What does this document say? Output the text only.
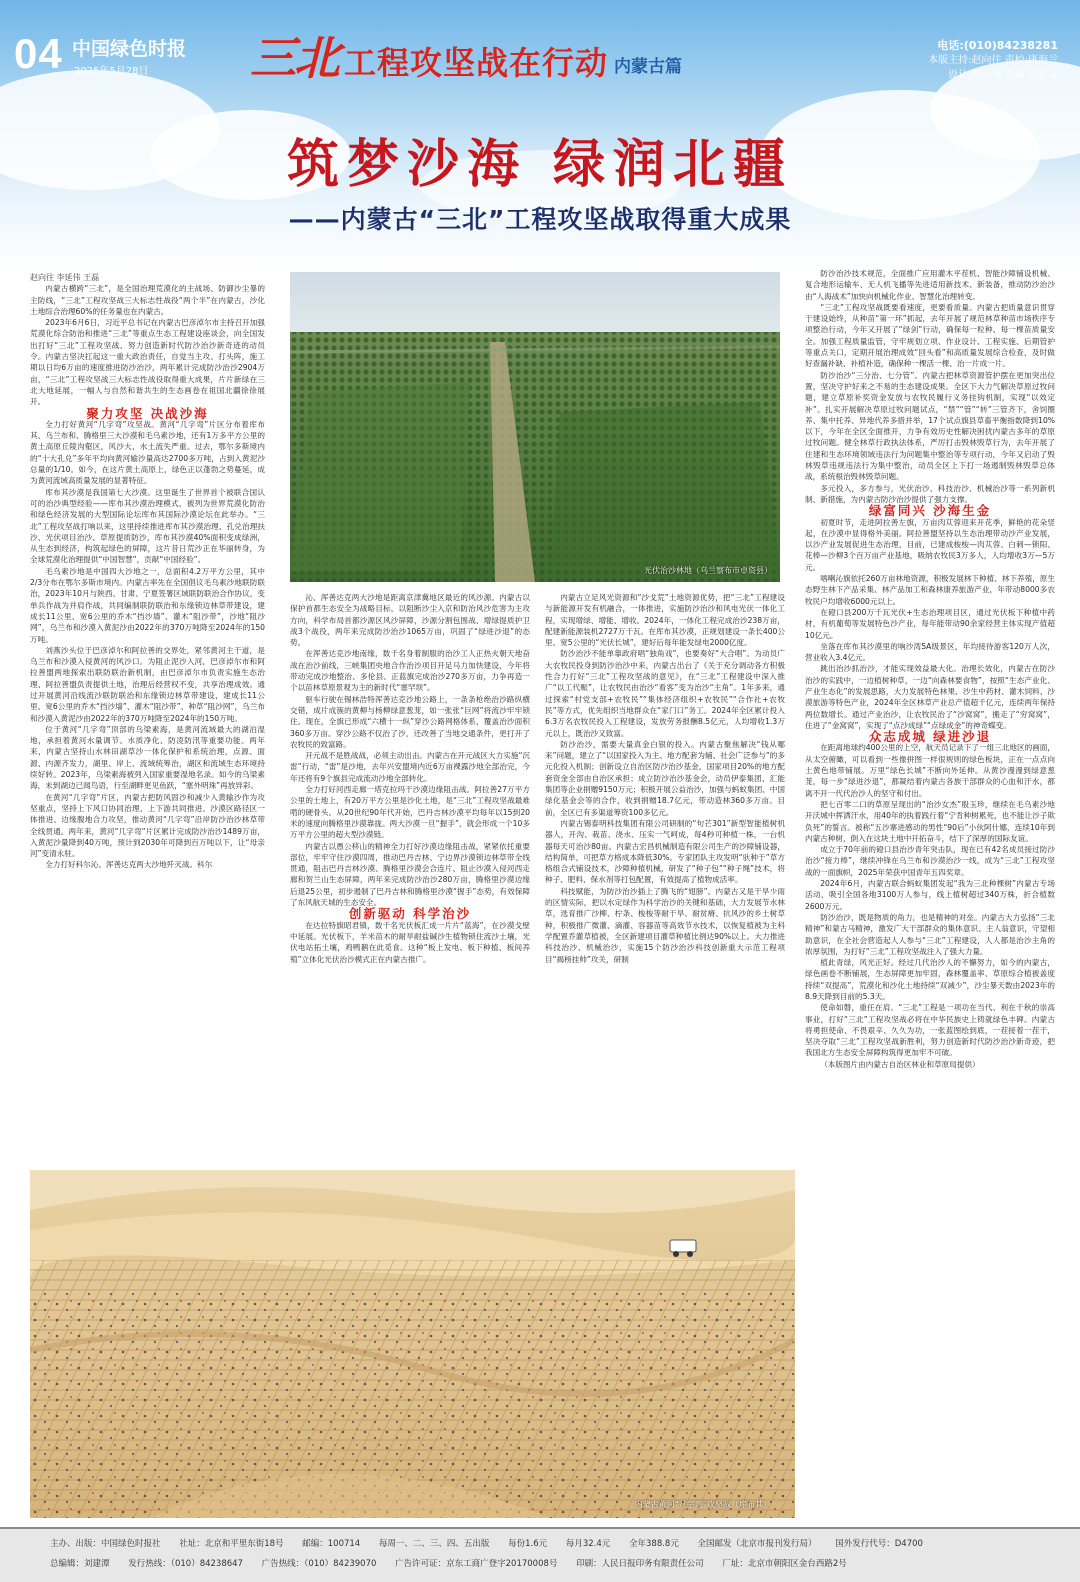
04 中国绿色时报
2025年5月28日 三北 工程攻坚战在行动 内蒙古篇
电话:(010)84238281
本版主持:赵向往 责校:康海兰
设计:苏小曼 美编:张宪双
筑梦沙海 绿润北疆
——内蒙古“三北”工程攻坚战取得重大成果

赵向往 李延伟 王磊

内蒙古横跨“三北”，是全国治理荒漠化的主战场、防御沙尘暴的主防线，“三北”工程攻坚战三大标志性战役“两个半”在内蒙古，沙化土地综合治理60%的任务量也在内蒙古。

2023年6月6日，习近平总书记在内蒙古巴彦淖尔市主持召开加强荒漠化综合防治和推进“三北”等重点生态工程建设座谈会，向全国发出打好“三北”工程攻坚战、努力创造新时代防沙治沙新奇迹的动员令。内蒙古坚决扛起这一重大政治责任，自觉当主攻、打头阵，施工期以日均6万亩的速度推进防沙治沙，两年累计完成防沙治沙2904万亩，“三北”工程攻坚战三大标志性战役取得重大成果，片片新绿在三北大地延展，一幅人与自然和谐共生的生态画卷在祖国北疆徐徐展开。

聚力攻坚 决战沙海

全力打好黄河“几字弯”攻坚战。黄河“几字弯”片区分布着库布其、乌兰布和、腾格里三大沙漠和毛乌素沙地，还有1万多平方公里的黄土高原丘陵沟壑区，风沙大、水土流失严重。过去，鄂尔多斯境内的“十大孔兑”多年平均向黄河输沙量高达2700多万吨，占到入黄泥沙总量的1/10。如今，在这片黄土高原上，绿色正以蓬勃之势蔓延，成为黄河流域高质量发展的显著特征。

库布其沙漠是我国第七大沙漠。这里诞生了世界首个被联合国认可的治沙典型经验——库布其沙漠治理模式，被列为世界荒漠化防治和绿色经济发展的大型国际论坛库布其国际沙漠论坛在此举办。“三北”工程攻坚战打响以来，这里持续推进库布其沙漠治理、孔兑治理扶沙、光伏项目治沙、草原提质防沙，库布其沙漠40%面积变成绿洲，从生态到经济，构筑起绿色的屏障，这片昔日荒沙正在华丽转身，为全球荒漠化治理提供“中国智慧”，贡献“中国经验”。

毛乌素沙地是中国四大沙地之一，总面积4.2万平方公里，其中2/3分布在鄂尔多斯市境内。内蒙古率先在全国倡议毛乌素沙地联防联治，2023年10月与陕西、甘肃、宁夏签署区域联防联治合作协议，变单兵作战为并肩作战，共同编制联防联治和东缘锁边林草带建设，建成长11公里、宽6公里的乔木“挡沙墙”、灌木“阻沙带”，沙地“阻沙网”，乌兰布和沙漠入黄泥沙由2022年的370万吨降至2024年的150万吨。

刘燕沙头位于巴彦淖尔和阿拉善的交界处，紧邻黄河主干道，是乌兰布和沙漠入侵黄河的风沙口。为阻止泥沙入河，巴彦淖尔市和阿拉善盟两地探索出联防联治新机制，由巴彦淖尔市负责实施生态治理、阿拉善盟负责提供土地，治理后经营权不变，共享治理成效。通过开展黄河沿线流沙联防联治和东缘锁边林草带建设，建成长11公里、宽6公里的乔木“挡沙墙”、灌木“阻沙带”、种草“阻沙网”，乌兰布和沙漠入黄泥沙由2022年的370万吨降至2024年的150万吨。

位于黄河“几字弯”顶部的乌梁素海，是黄河流域最大的湖泊湿地，承担着黄河水量调节、水质净化、防凌防汛等重要功能。两年来，内蒙古坚持山水林田湖草沙一体化保护和系统治理，点源、面源、内源齐发力，湖里、岸上、流域统筹治，湖区和流域生态环境持续好转。2023年，乌梁素海被列入国家重要湿地名录。如今的乌梁素海，未到湖边已闻鸟语，行至湖畔更见鱼跃，“塞外明珠”再放异彩。

在黄河“几字弯”片区，内蒙古把防风固沙和减少入黄输沙作为攻坚重点，坚持上下风口协同治理、上下游共同推进、沙漠区路径区一体推进、边缘腹地合力攻坚，推动黄河“几字弯”沿岸防沙治沙林草带全线贯通。两年来，黄河“几字弯”片区累计完成防沙治沙1489万亩，入黄泥沙量降到40万吨，预计到2030年可降到百万吨以下，让“母亲河”变清永驻。

全力打好科尔沁、浑善达克两大沙地歼灭战。科尔

光伏治沙林地（乌兰察布市卓资县）

沁、浑善达克两大沙地是距离京津冀地区最近的风沙源。内蒙古以保护首都生态安全为战略目标，以阻断沙尘入京和防治风沙危害为主攻方向，科学布局首都沙源区风沙屏障，沙源分割包围战、增绿提质护卫战3个战役，两年来完成防沙治沙1065万亩，巩固了“绿进沙退”的态势。

在浑善达克沙地南缘，数千名身着制服的治沙工人正热火朝天地奋战在治沙前线，三峡集团央地合作治沙项目开足马力加快建设，今年将带动完成沙地整治、多伦县、正蓝旗完成治沙270多万亩，力争再造一个以苗林草原景观为主的新时代“塞罕坝”。

驱车行驶在锡林浩特浑善达克沙地公路上，一条条枪绝治沙路纵横交错，成片成簇的黄柳与杨柳绿意葱茏，如一张张“巨网”将流沙牢牢锁住。现在，全旗已形成“六横十一纵”穿沙公路网格体系，覆盖治沙面积360多万亩。穿沙公路不仅治了沙，还改善了当地交通条件，更打开了农牧民的致富路。

开元战不是胜战战，必须主动出击。内蒙古在开元战区大力实施“沉雷”行动，“雷”是沙地，去年兴安盟境内近6万亩裸露沙地全部治完，今年还将有9个旗县完成流动沙地全部转化。

全力打好河西走廊一塔克拉玛干沙漠边缘阻击战。阿拉善27万平方公里的土地上，有20万平方公里是沙化土地，是“三北”工程攻坚战最难啃的硬骨头。从20世纪90年代开始，巴丹吉林沙漠平均每年以15到20米的速度向腾格里沙漠靠拢。两大沙漠一旦“握手”，就会形成一个10多万平方公里的超大型沙漠链。

内蒙古以愚公移山的精神全力打好沙漠边缘阻击战，紧紧依托重要部位，牢牢守住沙漠四周，推动巴丹吉林、宁边界沙漠锁边林草带全线贯通，阻击巴丹吉林沙漠、腾格里沙漠会合连片、阻止沙漠入侵河西走廊和贺兰山生态屏障，两年来完成防沙治沙280万亩，腾格里沙漠边缘后退25公里，初步遏制了巴丹吉林和腾格里沙漠“握手”态势，有效保障了东风航天城的生态安全。

创新驱动 科学治沙

在达拉特旗昭君镇，数千名光伏板汇成一片片“蓝海”，在沙漠戈壁中延展。光伏板下，羊米苗木的耐旱耐盐碱沙生植物锁住流沙土壤，光伏电站拓土壤，鸡鸭鹅在此觅食。这种“板上发电、板下种植、板间养殖”立体化光伏治沙模式正在内蒙古推广。

内蒙古立足风光资源和“沙戈荒”土地资源优势，把“三北”工程建设与新能源开发有机融合，一体推进，实施防沙治沙和风电光伏一体化工程，实现增绿、增能、增收。2024年，一体化工程完成治沙238万亩，配建新能源装机2727万千瓦。在库布其沙漠，正规划建设一条长400公里、宽5公里的“光伏长城”，建好后每年能发绿电2000亿度。

防沙治沙不能单靠政府唱“独角戏”，也要奏好“大合唱”。为动员广大农牧民投身到防沙治沙中来，内蒙古出台了《关于充分调动各方积极性合力打好“三北”工程攻坚战的意见》，在“三北”工程建设中深入推广“以工代赈”，让农牧民由治沙“看客”变为治沙“主角”。1年多来，通过探索“村党支部+农牧民”“集体经济组织+农牧民”“合作社+农牧民”等方式，优先组织当地群众在“家门口”务工。2024年全区累计投入6.3万名农牧民投入工程建设，发放劳务报酬8.5亿元，人均增收1.3万元以上，既治沙又致富。

防沙治沙，需要大量真金白银的投入。内蒙古聚焦解决“钱从哪来”问题，建立了“以国家投入为主、地方配套为辅、社会广泛参与”的多元化投入机制；创新设立自治区防沙治沙基金，国家项目20%的地方配套资金全部由自治区承担；成立防沙治沙基金会，动员伊泰集团、汇能集团等企业捐赠9150万元；积极开展公益治沙，加强与蚂蚁集团、中国绿化基金会等的合作，收到捐赠18.7亿元，带动造林360多万亩。目前，全区已有多渠道筹资100多亿元。

内蒙古锡泰明科技集团有限公司研制的“句芒301”新型智能植树机器人，开沟、栽苗、浇水、压实一气呵成，每4秒可种植一株，一台机器每天可治沙80亩。内蒙古宏昌机械制造有限公司生产的沙障铺设器，结构简单，可把草方格成本降低30%。专家团队主攻发明“驮种于”草方格组合式铺设技术，沙障种植机械，研发了“种子包”“种子绳”技术，将种子、肥料、保水剂等打包配置，有效提高了植物成活率。

科技赋能，为防沙治沙插上了腾飞的“翅膀”。内蒙古又是干旱少雨的区情实际，把以水定绿作为科学治沙的关键和基础，大力发展节水林草，选育推广沙柳、柠条、梭梭等耐干旱、耐贫瘠、抗风沙的乡土树草种，积极推广微灌、滴灌、容器苗等高效节水技术，以恢复植被为主科学配置乔灌草植被，全区新建项目灌草种植比例达90%以上。大力推进科技治沙、机械治沙，实施15个防沙治沙科技创新重大示范工程项目“揭榜挂帅”攻关，研制

防沙治沙技术规范，全面推广应用灌木平茬机、智能沙障铺设机械、复合地形运输车、无人机飞播等先进适用新技术、新装备，推动防沙治沙由“人海战术”加快向机械化作业、智慧化治理转变。

“三北”工程攻坚战既要看速度，更要看质量。内蒙古把质量意识贯穿于建设始终，从种苗“第一环”抓起，去年开展了规范林草种苗市场秩序专项整治行动，今年又开展了“绿剑”行动，确保每一粒种、每一棵苗质量安全。加强工程质量监管，守牢规划立项、作业设计、工程实施、后期管护等重点关口，定期开展治理成效“回头看”和高质量发展综合检查，及时做好查漏补缺、补植补造，确保种一棵活一棵、治一片成一片。

防沙治沙“三分治、七分管”。内蒙古把林草资源管护摆在更加突出位置，坚决守护好来之不易的生态建设成果。全区下大力气解决草原过牧问题，建立草原补奖资金发放与农牧民履行义务挂钩机制，实现“以效定补”。扎实开展解决草原过牧问题试点，“禁”“管”“转”三管齐下，舍饲圈养、集中托养、异地代养多措并举，17个试点旗县草畜平衡指数降到10%以下，今年在全区全面推开，力争有效历史性解决困扰内蒙古多年的草原过牧问题。健全林草行政执法体系，严厉打击毁林毁草行为，去年开展了住建和生态环境领域违法行为问题集中整治等专项行动，今年又启动了毁林毁草违规违法行为集中整治，动员全区上下打一场遏制毁林毁草总体战，系统根治毁林毁草问题。

多元投入，多方参与，光伏治沙、科技治沙、机械治沙等一系列新机制、新措施，为内蒙古防沙治沙提供了强力支撑。

绿富同兴 沙海生金

初夏时节，走进阿拉善左旗，万亩肉苁蓉迎来开花季，鲜艳的花朵竖起，在沙漠中显得格外美丽。阿拉善盟坚持以生态治理带动沙产业发展，以沙产业发展促进生态治理，目前，已建成梭梭—肉苁蓉、白刺—锁阳、花棒—沙柳3个百万亩产业基地，吸纳农牧民3万多人，人均增收3万—5万元。

喀喇沁旗依托260万亩林地资源，积极发展林下种植、林下养殖，原生态野生林下产品采集、林产品加工和森林康养旅游产业，年带动8000多农牧民户均增收6000元以上。

在磴口县200万千瓦光伏+生态治理项目区，通过光伏板下种植中药材，有机葡萄等发展特色沙产业，每年能带动90余家经营主体实现产值超10亿元。

坐落在库布其沙漠里的响沙湾5A级景区，年均接待游客120万人次，营业收入3.4亿元。

跳出治沙抓治沙，才能实现效益最大化。治理长效化，内蒙古在防沙治沙的实践中，一边植树种草，一边“向森林要食物”，按照“生态产业化、产业生态化”的发展思路，大力发展特色林果、沙生中药材、灌木饲料、沙漠旅游等特色产业，2024年全区林草产业总产值超千亿元，连续两年保持两位数增长。通过产业治沙，让农牧民治了“沙窝窝”，搬走了“穷窝窝”，住进了“金窝窝”，实现了“点沙成绿”“点绿成金”的神奇蝶变。

众志成城 绿进沙退

在距离地球约400公里的上空，航天员记录下了一组三北地区的画面，从太空俯瞰，可以看到一些像拼图一样很规则的绿色板块，正在一点点向土黄色地带铺展。万里“绿色长城”不断向外延伸。从黄沙漫漫到绿意葱茏，每一步“绿进沙退”，都凝结着内蒙古各族干部群众的心血和汗水，都离不开一代代治沙人的坚守和付出。

把七百零二口的草原呈现出的“治沙女杰”殷玉珍，继续在毛乌素沙地开沃城中挥洒汗水，用40年的执着践行着“宁肯种树累死，也不能让沙子欺负死”的誓言。被称“五沙寨进感动的男性“90后”小伙阿什娜，连续10年到内蒙古种树，倒入在这块土地中开拓奋斗，结下了深厚的国际友谊。

成立于70年前的磴口县治沙青年突击队，现在已有42名成员接过防沙治沙“接力棒”，继续冲锋在乌兰布和沙漠治沙一线，成为“三北”工程攻坚战的一面旗帜，2025年荣获中国青年五四奖章。

2024年6月，内蒙古联合蚂蚁集团发起“我为三北种棵树”内蒙古专场活动，吸引全国各地3100万人参与，线上植树超过340万株，折合植数2600万元。

防沙治沙，既是物质的角力，也是精神的对垒。内蒙古大力弘扬“三北精神”和蒙古马精神，激发广大干部群众的集体意识、主人翁意识，守望相助意识，在全社会营造起人人参与“三北”工程建设，人人都是治沙主角的浓厚氛围，为打好“三北”工程攻坚战注入了强大力量。

植此青绿，风光正好。经过几代治沙人的不懈努力，如今的内蒙古，绿色画卷不断铺展，生态屏障更加牢固，森林覆盖率、草原综合植被盖度持续“双提高”，荒漠化和沙化土地持续“双减少”，沙尘暴天数由2023年的8.9天降到目前的5.3天。

使命如磐，重任在肩。“三北”工程是一项功在当代、利在千秋的崇高事业，打好“三北”工程攻坚战必将在中华民族史上铸就绿色丰碑。内蒙古将勇担使命、不畏艰辛、久久为功，一张蓝图绘到底，一茬接着一茬干，坚决夺取“三北”工程攻坚战新胜利，努力创造新时代防沙治沙新奇迹，把我国北方生态安全屏障构筑得更加牢不可破。

（本版图片由内蒙古自治区林业和草原局提供）

内蒙古黄河“几字弯”攻坚战（库布其）
主办、出版：中国绿色时报社 社址：北京和平里东街18号 邮编：100714 每周一、二、三、四、五出版 每份1.6元 每月32.4元 全年388.8元 全国邮发（北京市报刊发行局） 国外发行代号：D4700
总编辑：刘建潭 发行热线：（010）84238647 广告热线：（010）84239070 广告许可证：京东工商广登字20170008号 印刷：人民日报印务有限责任公司 厂址：北京市朝阳区金台西路2号
